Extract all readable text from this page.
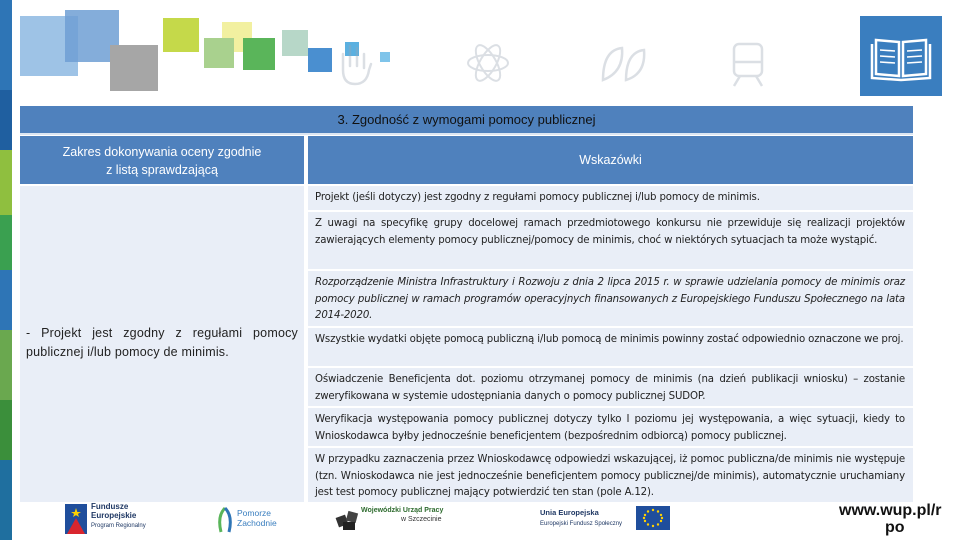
3. Zgodność z wymogami pomocy publicznej
Zakres dokonywania oceny zgodnie
z listą sprawdzającą
Wskazówki
- Projekt jest zgodny z regułami pomocy publicznej i/lub pomocy de minimis.

Projekt (jeśli dotyczy) jest zgodny z regułami pomocy publicznej i/lub pomocy de minimis.

Z uwagi na specyfikę grupy docelowej ramach przedmiotowego konkursu nie przewiduje się realizacji projektów zawierających elementy pomocy publicznej/pomocy de minimis, choć w niektórych sytuacjach ta może wystąpić.

Rozporządzenie Ministra Infrastruktury i Rozwoju z dnia 2 lipca 2015 r. w sprawie udzielania pomocy de minimis oraz pomocy publicznej w ramach programów operacyjnych finansowanych z Europejskiego Funduszu Społecznego na lata 2014-2020.

Wszystkie wydatki objęte pomocą publiczną i/lub pomocą de minimis powinny zostać odpowiednio oznaczone we proj.

Oświadczenie Beneficjenta dot. poziomu otrzymanej pomocy de minimis (na dzień publikacji wniosku) – zostanie zweryfikowana w systemie udostępniania danych o pomocy publicznej SUDOP.

Weryfikacja występowania pomocy publicznej dotyczy tylko I poziomu jej występowania, a więc sytuacji, kiedy to Wnioskodawca byłby jednocześnie beneficjentem (bezpośrednim odbiorcą) pomocy publicznej.

W przypadku zaznaczenia przez Wnioskodawcę odpowiedzi wskazującej, iż pomoc publiczna/de minimis nie występuje (tzn. Wnioskodawca nie jest jednocześnie beneficjentem pomocy publicznej/de minimis), automatycznie uruchamiany jest test pomocy publicznej mający potwierdzić ten stan (pole A.12).

Fundusze
Europejskie
Program Regionalny
Pomorze
Zachodnie
Wojewódzki Urząd Pracy
w Szczecinie
Unia Europejska
Europejski Fundusz Społeczny
www.wup.pl/r
po
